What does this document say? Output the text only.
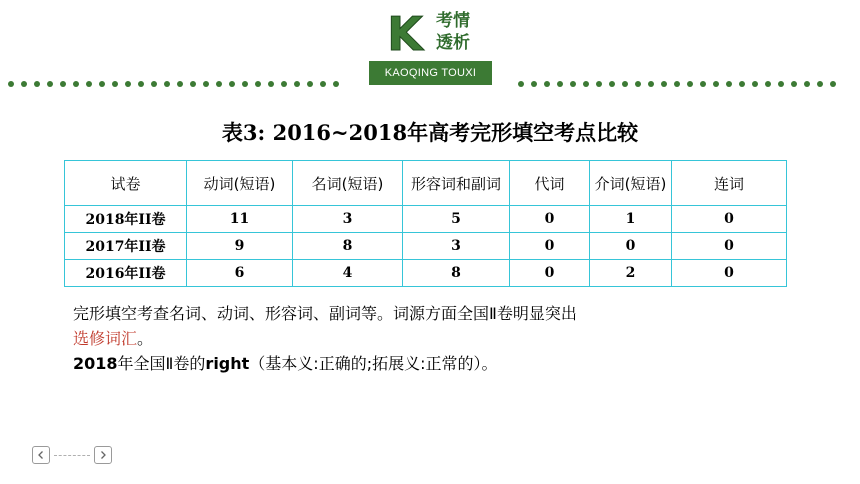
K 考情
透析
KAOQING TOUXI
表3: 2016~2018年高考完形填空考点比较
试卷	动词(短语)	名词(短语)	形容词和副词	代词	介词(短语)	连词
2018年II卷	11	3	5	0	1	0
2017年II卷	9	8	3	0	0	0
2016年II卷	6	4	8	0	2	0
完形填空考查名词、动词、形容词、副词等。词源方面全国Ⅱ卷明显突出
选修词汇。
2018年全国Ⅱ卷的right（基本义:正确的;拓展义:正常的）。
